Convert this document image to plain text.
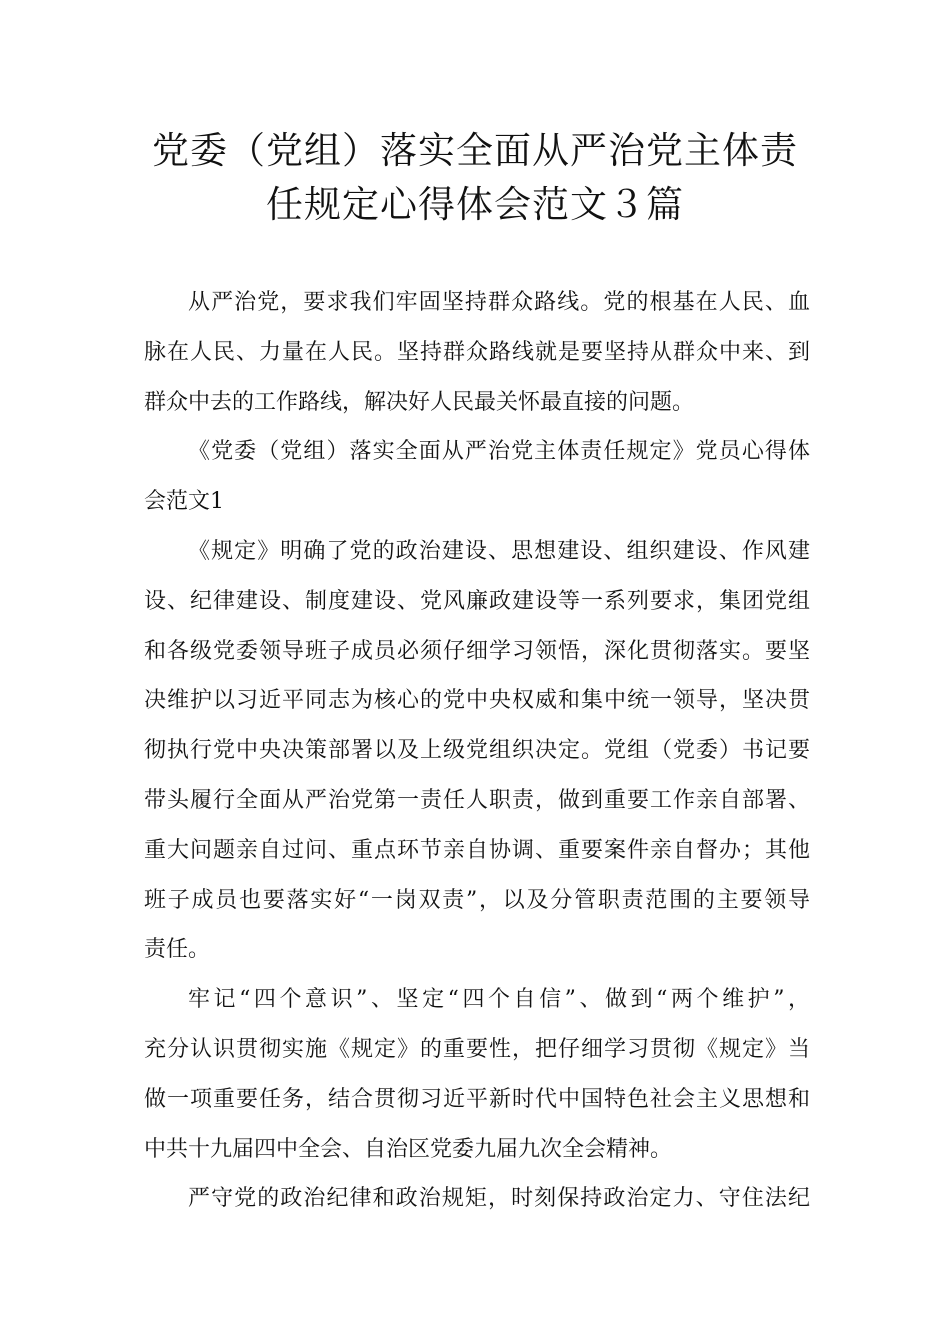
党委（党组）落实全面从严治党主体责
任规定心得体会范文３篇
从严治党，要求我们牢固坚持群众路线。党的根基在人民、血
脉在人民、力量在人民。坚持群众路线就是要坚持从群众中来、到
群众中去的工作路线，解决好人民最关怀最直接的问题。
《党委（党组）落实全面从严治党主体责任规定》党员心得体
会范文1
《规定》明确了党的政治建设、思想建设、组织建设、作风建
设、纪律建设、制度建设、党风廉政建设等一系列要求，集团党组
和各级党委领导班子成员必须仔细学习领悟，深化贯彻落实。要坚
决维护以习近平同志为核心的党中央权威和集中统一领导，坚决贯
彻执行党中央决策部署以及上级党组织决定。党组（党委）书记要
带头履行全面从严治党第一责任人职责，做到重要工作亲自部署、
重大问题亲自过问、重点环节亲自协调、重要案件亲自督办；其他
班子成员也要落实好“一岗双责”，以及分管职责范围的主要领导
责任。
牢记“四个意识”、坚定“四个自信”、做到“两个维护”，
充分认识贯彻实施《规定》的重要性，把仔细学习贯彻《规定》当
做一项重要任务，结合贯彻习近平新时代中国特色社会主义思想和
中共十九届四中全会、自治区党委九届九次全会精神。
严守党的政治纪律和政治规矩，时刻保持政治定力、守住法纪
